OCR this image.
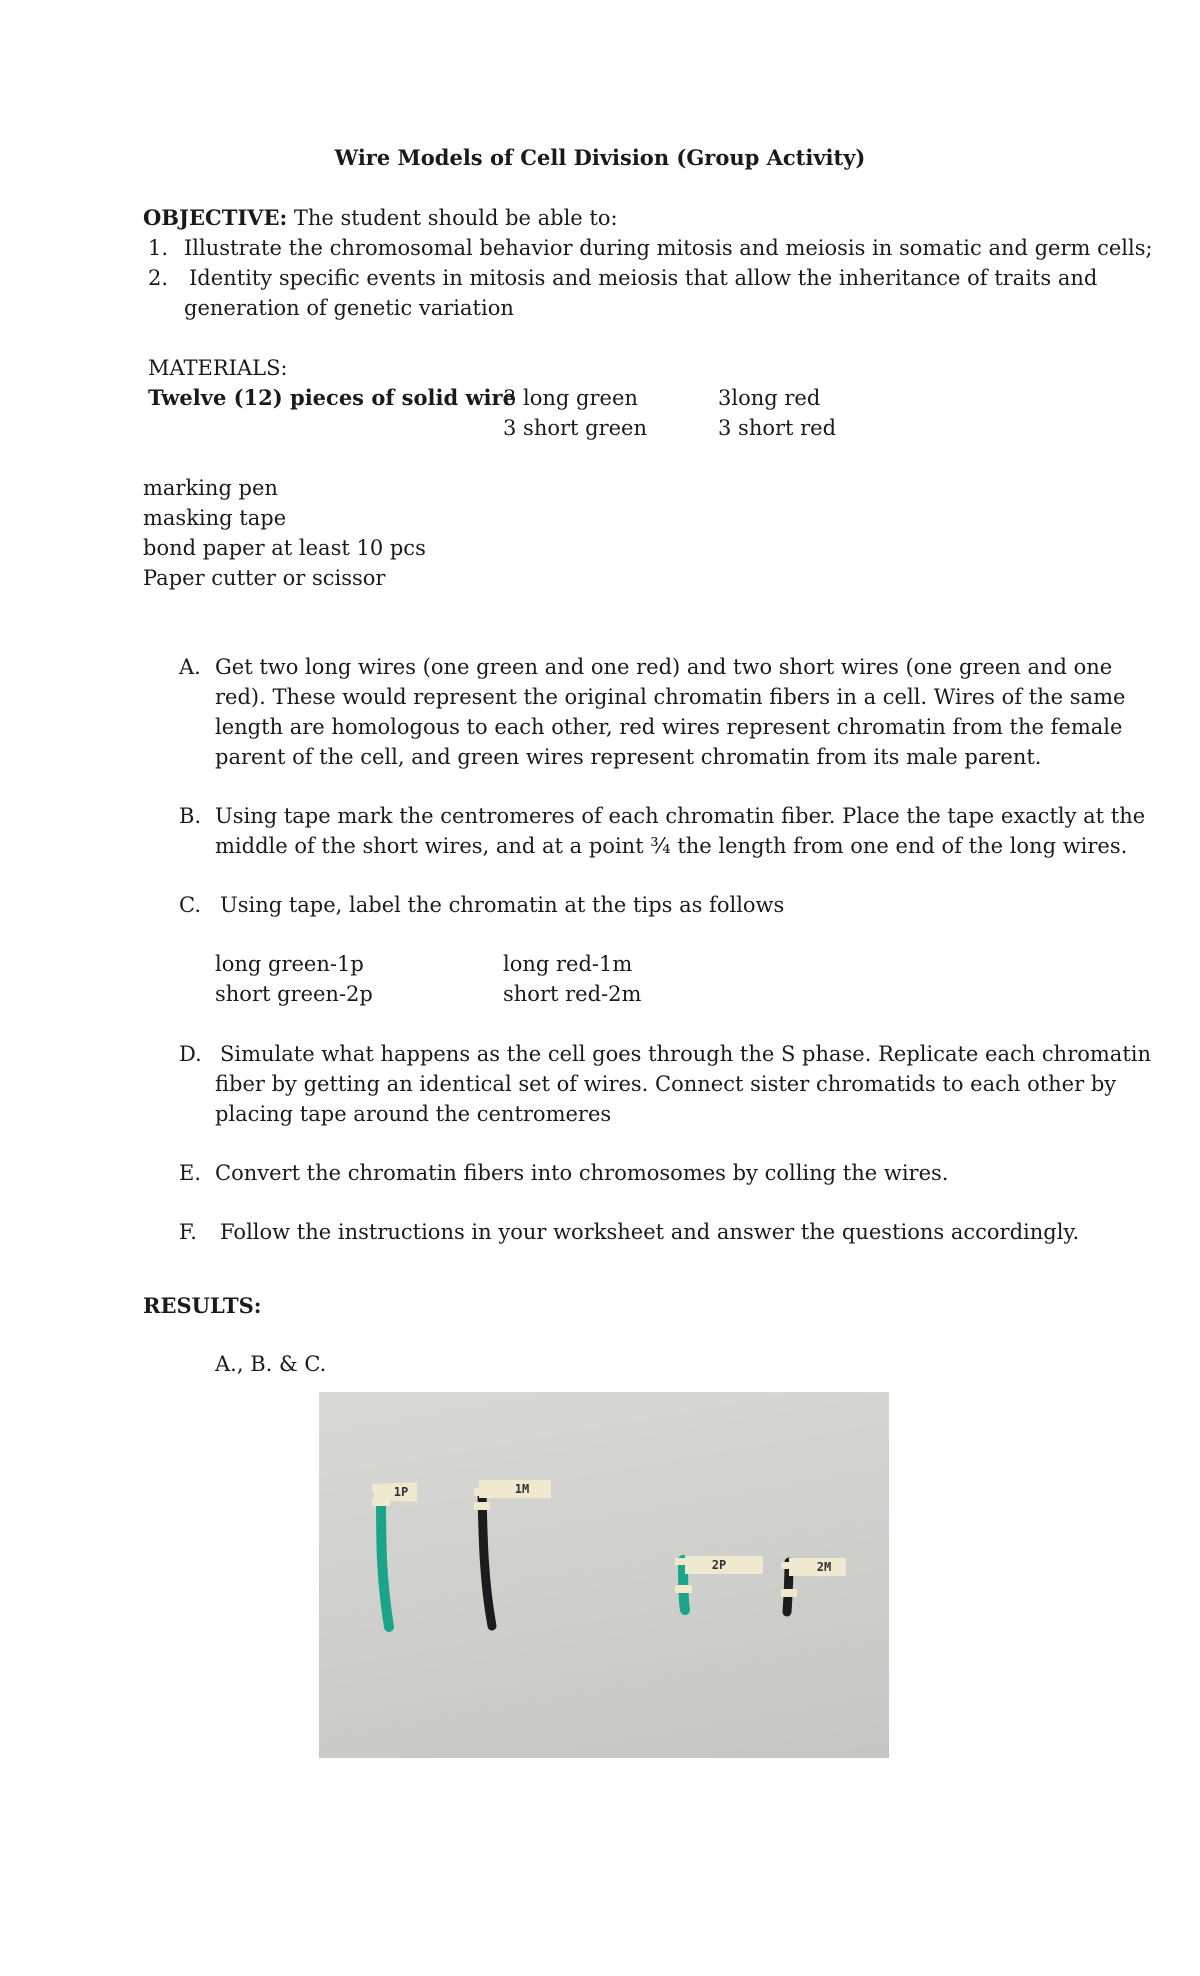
Wire Models of Cell Division (Group Activity)
OBJECTIVE: The student should be able to:
1. Illustrate the chromosomal behavior during mitosis and meiosis in somatic and germ cells;
2. Identity specific events in mitosis and meiosis that allow the inheritance of traits and
generation of genetic variation
MATERIALS:
Twelve (12) pieces of solid wire
3 long green
3 short green
3long red
3 short red
marking pen
masking tape
bond paper at least 10 pcs
Paper cutter or scissor
A. Get two long wires (one green and one red) and two short wires (one green and one
red). These would represent the original chromatin fibers in a cell. Wires of the same
length are homologous to each other, red wires represent chromatin from the female
parent of the cell, and green wires represent chromatin from its male parent.
B. Using tape mark the centromeres of each chromatin fiber. Place the tape exactly at the
middle of the short wires, and at a point ¾ the length from one end of the long wires.
C. Using tape, label the chromatin at the tips as follows
long green-1p
short green-2p
long red-1m
short red-2m
D. Simulate what happens as the cell goes through the S phase. Replicate each chromatin
fiber by getting an identical set of wires. Connect sister chromatids to each other by
placing tape around the centromeres
E. Convert the chromatin fibers into chromosomes by colling the wires.
F. Follow the instructions in your worksheet and answer the questions accordingly.
RESULTS:
A., B. & C.
1P	1M
2P	2M
